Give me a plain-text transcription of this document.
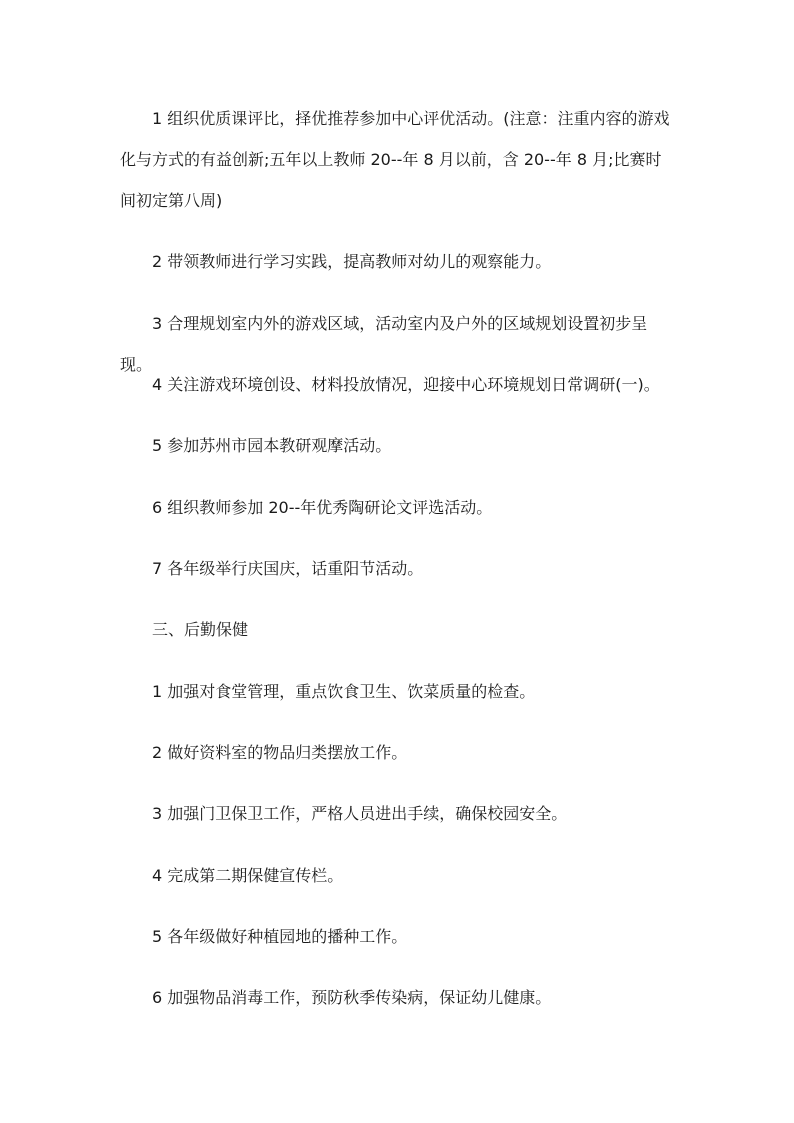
1 组织优质课评比，择优推荐参加中心评优活动。(注意：注重内容的游戏化与方式的有益创新;五年以上教师 20--年 8 月以前，含 20--年 8 月;比赛时间初定第八周)

2 带领教师进行学习实践，提高教师对幼儿的观察能力。

3 合理规划室内外的游戏区域，活动室内及户外的区域规划设置初步呈现。

4 关注游戏环境创设、材料投放情况，迎接中心环境规划日常调研(一)。

5 参加苏州市园本教研观摩活动。

6 组织教师参加 20--年优秀陶研论文评选活动。

7 各年级举行庆国庆，话重阳节活动。

三、后勤保健

1 加强对食堂管理，重点饮食卫生、饮菜质量的检查。

2 做好资料室的物品归类摆放工作。

3 加强门卫保卫工作，严格人员进出手续，确保校园安全。

4 完成第二期保健宣传栏。

5 各年级做好种植园地的播种工作。

6 加强物品消毒工作，预防秋季传染病，保证幼儿健康。
